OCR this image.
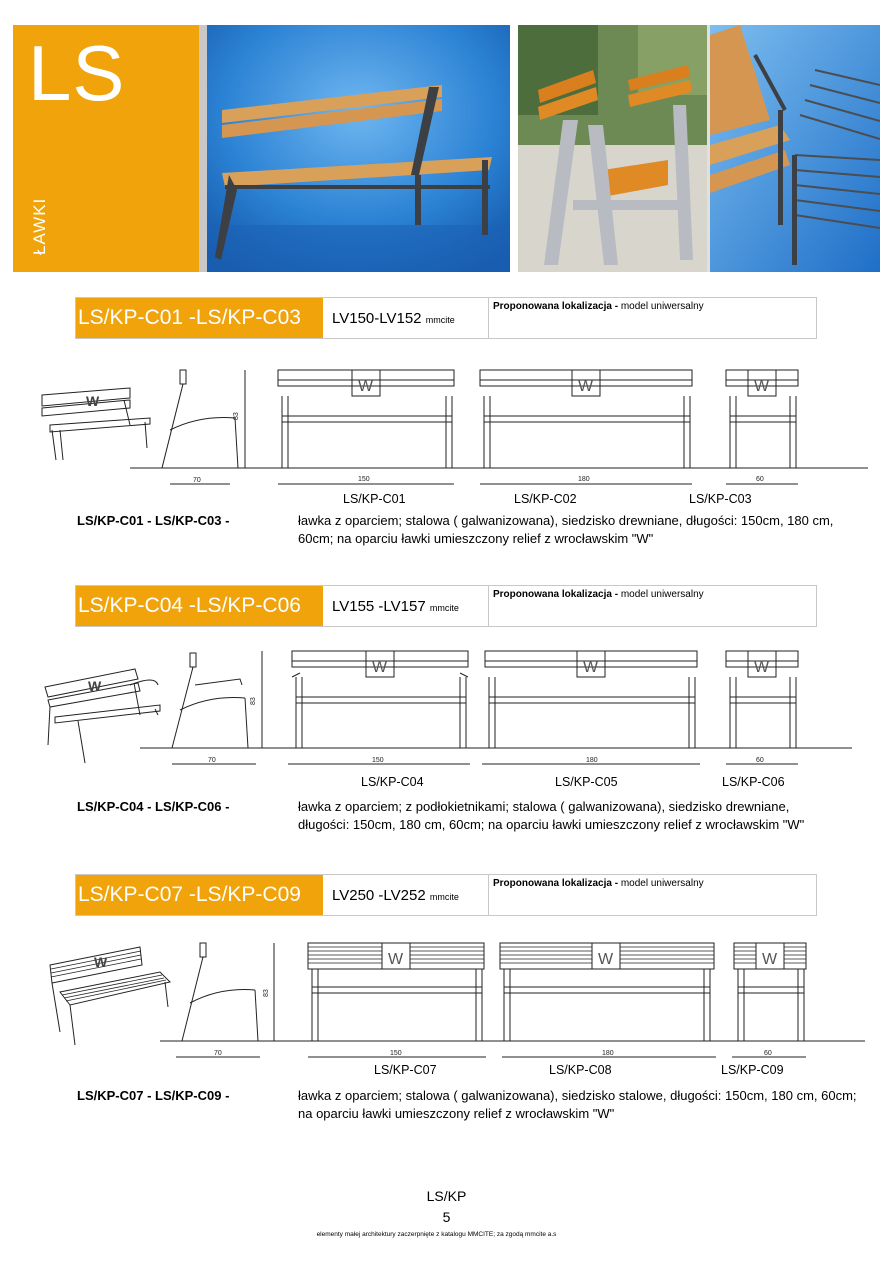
LS
ŁAWKI
LS/KP-C01 -LS/KP-C03	LV150-LV152 mmcite
Proponowana lokalizacja - model uniwersalny
W
83
70
W
150
W
180
W
60
LS/KP-C01	LS/KP-C02	LS/KP-C03
LS/KP-C01 - LS/KP-C03 -	ławka z oparciem; stalowa ( galwanizowana), siedzisko drewniane, długości: 150cm, 180 cm, 60cm; na oparciu ławki umieszczony relief z wrocławskim "W"
LS/KP-C04 -LS/KP-C06	LV155 -LV157 mmcite
Proponowana lokalizacja - model uniwersalny
W
83
70
W
150
W
180
W
60
LS/KP-C04	LS/KP-C05	LS/KP-C06
LS/KP-C04 - LS/KP-C06 -	ławka z oparciem; z podłokietnikami; stalowa ( galwanizowana), siedzisko drewniane, długości: 150cm, 180 cm, 60cm; na oparciu ławki umieszczony relief z wrocławskim "W"
LS/KP-C07 -LS/KP-C09	LV250 -LV252 mmcite
Proponowana lokalizacja - model uniwersalny
W
83
70
W
150
W
180
W
60
LS/KP-C07	LS/KP-C08	LS/KP-C09
LS/KP-C07 - LS/KP-C09 -	ławka z oparciem; stalowa ( galwanizowana), siedzisko stalowe, długości: 150cm, 180 cm, 60cm; na oparciu ławki umieszczony relief z wrocławskim "W"
LS/KP
5
elementy małej architektury zaczerpnięte z katalogu MMCITE; za zgodą mmcite a.s
